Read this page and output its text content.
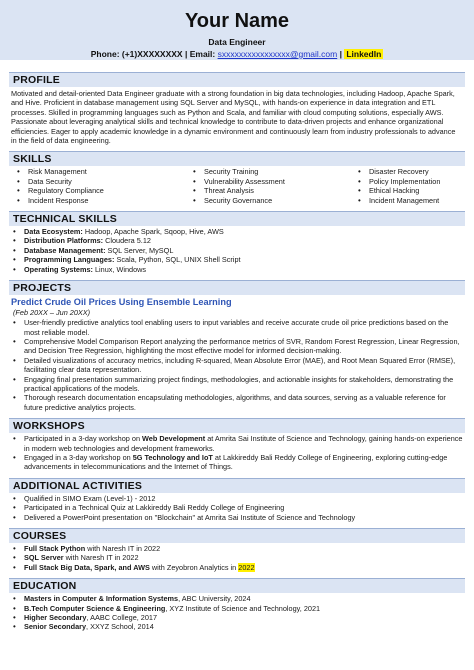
Your Name
Data Engineer
Phone: (+1)XXXXXXXX | Email: sxxxxxxxxxxxxxxxx@gmail.com | LinkedIn
PROFILE
Motivated and detail-oriented Data Engineer graduate with a strong foundation in big data technologies, including Hadoop, Apache Spark, and Hive. Proficient in database management using SQL Server and MySQL, with hands-on experience in data integration and ETL processes. Skilled in programming languages such as Python and Scala, and familiar with cloud computing solutions, especially AWS. Passionate about leveraging analytical skills and technical knowledge to contribute to data-driven projects and enhance organizational efficiencies. Eager to apply academic knowledge in a dynamic environment and continuously learn from industry professionals to advance in the field of data engineering.
SKILLS
• Risk Management
• Data Security
• Regulatory Compliance
• Incident Response
• Security Training
• Vulnerability Assessment
• Threat Analysis
• Security Governance
• Disaster Recovery
• Policy Implementation
• Ethical Hacking
• Incident Management
TECHNICAL SKILLS
• Data Ecosystem: Hadoop, Apache Spark, Sqoop, Hive, AWS
• Distribution Platforms: Cloudera 5.12
• Database Management: SQL Server, MySQL
• Programming Languages: Scala, Python, SQL, UNIX Shell Script
• Operating Systems: Linux, Windows
PROJECTS
Predict Crude Oil Prices Using Ensemble Learning
(Feb 20XX – Jun 20XX)
• User-friendly predictive analytics tool enabling users to input variables and receive accurate crude oil price predictions based on the most reliable model.
• Comprehensive Model Comparison Report analyzing the performance metrics of SVR, Random Forest Regression, Linear Regression, and Decision Tree Regression, highlighting the most effective model for informed decision-making.
• Detailed visualizations of accuracy metrics, including R-squared, Mean Absolute Error (MAE), and Root Mean Squared Error (RMSE), facilitating clear data representation.
• Engaging final presentation summarizing project findings, methodologies, and actionable insights for stakeholders, demonstrating the practical applications of the models.
• Thorough research documentation encapsulating methodologies, algorithms, and data sources, serving as a valuable reference for future predictive analytics projects.
WORKSHOPS
• Participated in a 3-day workshop on Web Development at Amrita Sai Institute of Science and Technology, gaining hands-on experience in modern web technologies and development frameworks.
• Engaged in a 3-day workshop on 5G Technology and IoT at Lakkireddy Bali Reddy College of Engineering, exploring cutting-edge advancements in telecommunications and the Internet of Things.
ADDITIONAL ACTIVITIES
• Qualified in SIMO Exam (Level-1) - 2012
• Participated in a Technical Quiz at Lakkireddy Bali Reddy College of Engineering
• Delivered a PowerPoint presentation on "Blockchain" at Amrita Sai Institute of Science and Technology
COURSES
• Full Stack Python with Naresh IT in 2022
• SQL Server with Naresh IT in 2022
• Full Stack Big Data, Spark, and AWS with Zeyobron Analytics in 2022
EDUCATION
• Masters in Computer & Information Systems, ABC University, 2024
• B.Tech Computer Science & Engineering, XYZ Institute of Science and Technology, 2021
• Higher Secondary, AABC College, 2017
• Senior Secondary, XXYZ School, 2014
